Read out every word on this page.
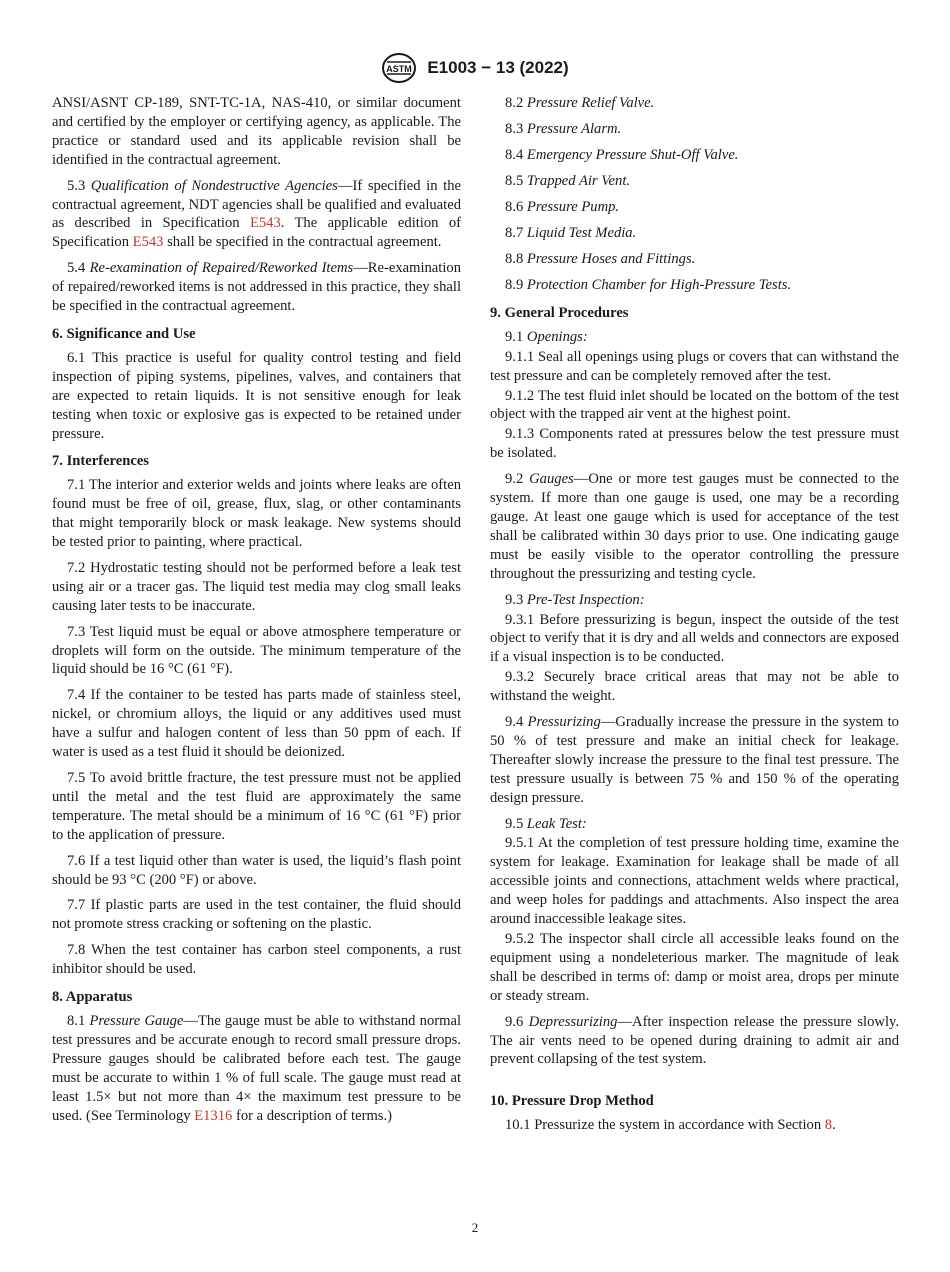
ASTM E1003 − 13 (2022)

ANSI/ASNT CP-189, SNT-TC-1A, NAS-410, or similar document and certified by the employer or certifying agency, as applicable. The practice or standard used and its applicable revision shall be identified in the contractual agreement.

5.3 Qualification of Nondestructive Agencies—If specified in the contractual agreement, NDT agencies shall be qualified and evaluated as described in Specification E543. The applicable edition of Specification E543 shall be specified in the contractual agreement.

5.4 Re-examination of Repaired/Reworked Items—Re-examination of repaired/reworked items is not addressed in this practice, they shall be specified in the contractual agreement.

6. Significance and Use

6.1 This practice is useful for quality control testing and field inspection of piping systems, pipelines, valves, and containers that are expected to retain liquids. It is not sensitive enough for leak testing when toxic or explosive gas is expected to be retained under pressure.

7. Interferences

7.1 The interior and exterior welds and joints where leaks are often found must be free of oil, grease, flux, slag, or other contaminants that might temporarily block or mask leakage. New systems should be tested prior to painting, where practical.

7.2 Hydrostatic testing should not be performed before a leak test using air or a tracer gas. The liquid test media may clog small leaks causing later tests to be inaccurate.

7.3 Test liquid must be equal or above atmosphere temperature or droplets will form on the outside. The minimum temperature of the liquid should be 16 °C (61 °F).

7.4 If the container to be tested has parts made of stainless steel, nickel, or chromium alloys, the liquid or any additives used must have a sulfur and halogen content of less than 50 ppm of each. If water is used as a test fluid it should be deionized.

7.5 To avoid brittle fracture, the test pressure must not be applied until the metal and the test fluid are approximately the same temperature. The metal should be a minimum of 16 °C (61 °F) prior to the application of pressure.

7.6 If a test liquid other than water is used, the liquid’s flash point should be 93 °C (200 °F) or above.

7.7 If plastic parts are used in the test container, the fluid should not promote stress cracking or softening on the plastic.

7.8 When the test container has carbon steel components, a rust inhibitor should be used.

8. Apparatus

8.1 Pressure Gauge—The gauge must be able to withstand normal test pressures and be accurate enough to record small pressure drops. Pressure gauges should be calibrated before each test. The gauge must be accurate to within 1 % of full scale. The gauge must read at least 1.5× but not more than 4× the maximum test pressure to be used. (See Terminology E1316 for a description of terms.)

8.2 Pressure Relief Valve.

8.3 Pressure Alarm.

8.4 Emergency Pressure Shut-Off Valve.

8.5 Trapped Air Vent.

8.6 Pressure Pump.

8.7 Liquid Test Media.

8.8 Pressure Hoses and Fittings.

8.9 Protection Chamber for High-Pressure Tests.

9. General Procedures

9.1 Openings:

9.1.1 Seal all openings using plugs or covers that can withstand the test pressure and can be completely removed after the test.

9.1.2 The test fluid inlet should be located on the bottom of the test object with the trapped air vent at the highest point.

9.1.3 Components rated at pressures below the test pressure must be isolated.

9.2 Gauges—One or more test gauges must be connected to the system. If more than one gauge is used, one may be a recording gauge. At least one gauge which is used for acceptance of the test shall be calibrated within 30 days prior to use. One indicating gauge must be easily visible to the operator controlling the pressure throughout the pressurizing and testing cycle.

9.3 Pre-Test Inspection:

9.3.1 Before pressurizing is begun, inspect the outside of the test object to verify that it is dry and all welds and connectors are exposed if a visual inspection is to be conducted.

9.3.2 Securely brace critical areas that may not be able to withstand the weight.

9.4 Pressurizing—Gradually increase the pressure in the system to 50 % of test pressure and make an initial check for leakage. Thereafter slowly increase the pressure to the final test pressure. The test pressure usually is between 75 % and 150 % of the operating design pressure.

9.5 Leak Test:

9.5.1 At the completion of test pressure holding time, examine the system for leakage. Examination for leakage shall be made of all accessible joints and connections, attachment welds where practical, and weep holes for paddings and attachments. Also inspect the area around inaccessible leakage sites.

9.5.2 The inspector shall circle all accessible leaks found on the equipment using a nondeleterious marker. The magnitude of leak shall be described in terms of: damp or moist area, drops per minute or steady stream.

9.6 Depressurizing—After inspection release the pressure slowly. The air vents need to be opened during draining to admit air and prevent collapsing of the test system.

10. Pressure Drop Method

10.1 Pressurize the system in accordance with Section 8.

2
